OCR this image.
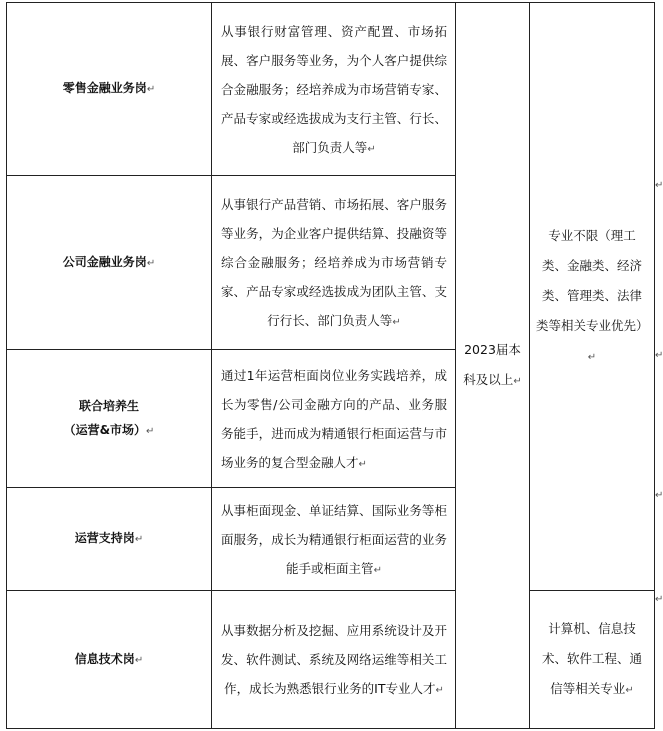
零售金融业务岗↵	从事银行财富管理、资产配置、市场拓展、客户服务等业务，为个人客户提供综合金融服务；经培养成为市场营销专家、产品专家或经选拔成为支行主管、行长、部门负责人等↵	2023届本科及以上↵	专业不限（理工类、金融类、经济类、管理类、法律类等相关专业优先）↵
公司金融业务岗↵	从事银行产品营销、市场拓展、客户服务等业务，为企业客户提供结算、投融资等综合金融服务；经培养成为市场营销专家、产品专家或经选拔成为团队主管、支行行长、部门负责人等↵		

联合培养生
（运营&市场）↵	通过1年运营柜面岗位业务实践培养，成长为零售/公司金融方向的产品、业务服务能手，进而成为精通银行柜面运营与市场业务的复合型金融人才↵		
运营支持岗↵	从事柜面现金、单证结算、国际业务等柜面服务，成长为精通银行柜面运营的业务能手或柜面主管↵		
信息技术岗↵	从事数据分析及挖掘、应用系统设计及开发、软件测试、系统及网络运维等相关工作，成长为熟悉银行业务的IT专业人才↵		计算机、信息技术、软件工程、通信等相关专业↵
↵
↵
↵
↵
